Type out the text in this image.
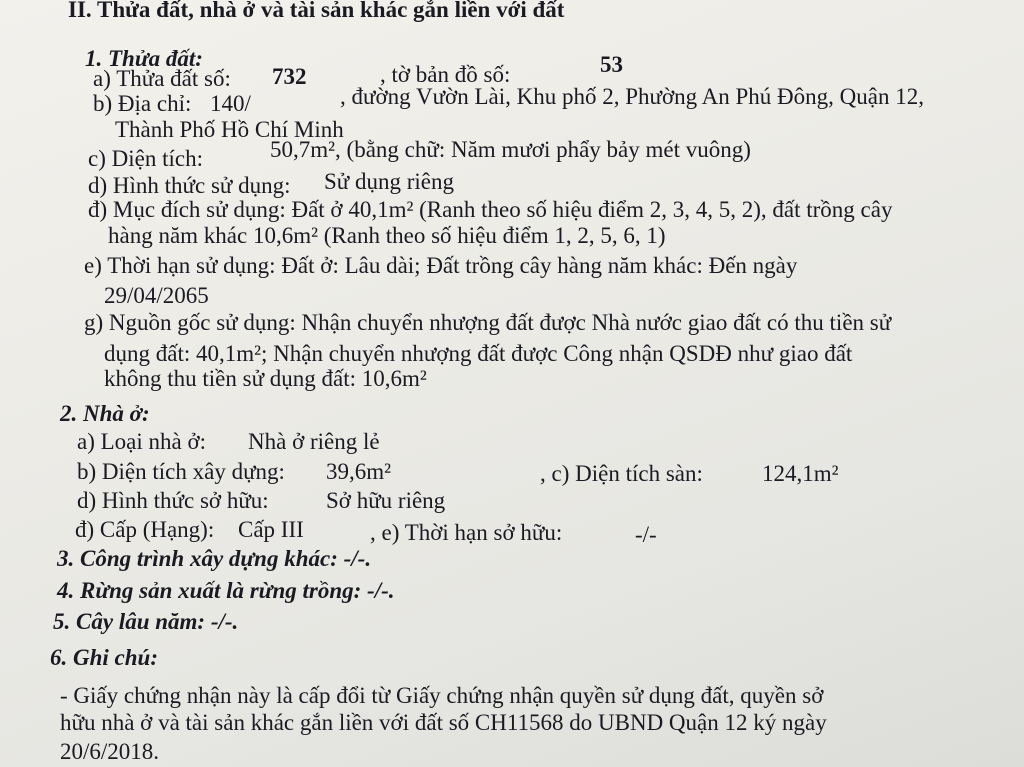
II. Thửa đất, nhà ở và tài sản khác gắn liền với đất
1. Thửa đất:
a) Thửa đất số: 732	, tờ bản đồ số:	53
b) Địa chỉ: 140/	, đường Vườn Lài, Khu phố 2, Phường An Phú Đông, Quận 12,
Thành Phố Hồ Chí Minh
c) Diện tích:	50,7m², (bằng chữ: Năm mươi phẩy bảy mét vuông)
d) Hình thức sử dụng: Sử dụng riêng
đ) Mục đích sử dụng: Đất ở 40,1m² (Ranh theo số hiệu điểm 2, 3, 4, 5, 2), đất trồng cây
hàng năm khác 10,6m² (Ranh theo số hiệu điểm 1, 2, 5, 6, 1)
e) Thời hạn sử dụng: Đất ở: Lâu dài; Đất trồng cây hàng năm khác: Đến ngày
29/04/2065
g) Nguồn gốc sử dụng: Nhận chuyển nhượng đất được Nhà nước giao đất có thu tiền sử
dụng đất: 40,1m²; Nhận chuyển nhượng đất được Công nhận QSDĐ như giao đất
không thu tiền sử dụng đất: 10,6m²
2. Nhà ở:
a) Loại nhà ở: Nhà ở riêng lẻ
b) Diện tích xây dựng: 39,6m²	, c) Diện tích sàn:	124,1m²
d) Hình thức sở hữu: Sở hữu riêng
đ) Cấp (Hạng): Cấp III	, e) Thời hạn sở hữu:	-/-
3. Công trình xây dựng khác: -/-.
4. Rừng sản xuất là rừng trồng: -/-.
5. Cây lâu năm: -/-.
6. Ghi chú:
- Giấy chứng nhận này là cấp đổi từ Giấy chứng nhận quyền sử dụng đất, quyền sở
hữu nhà ở và tài sản khác gắn liền với đất số CH11568 do UBND Quận 12 ký ngày
20/6/2018.
